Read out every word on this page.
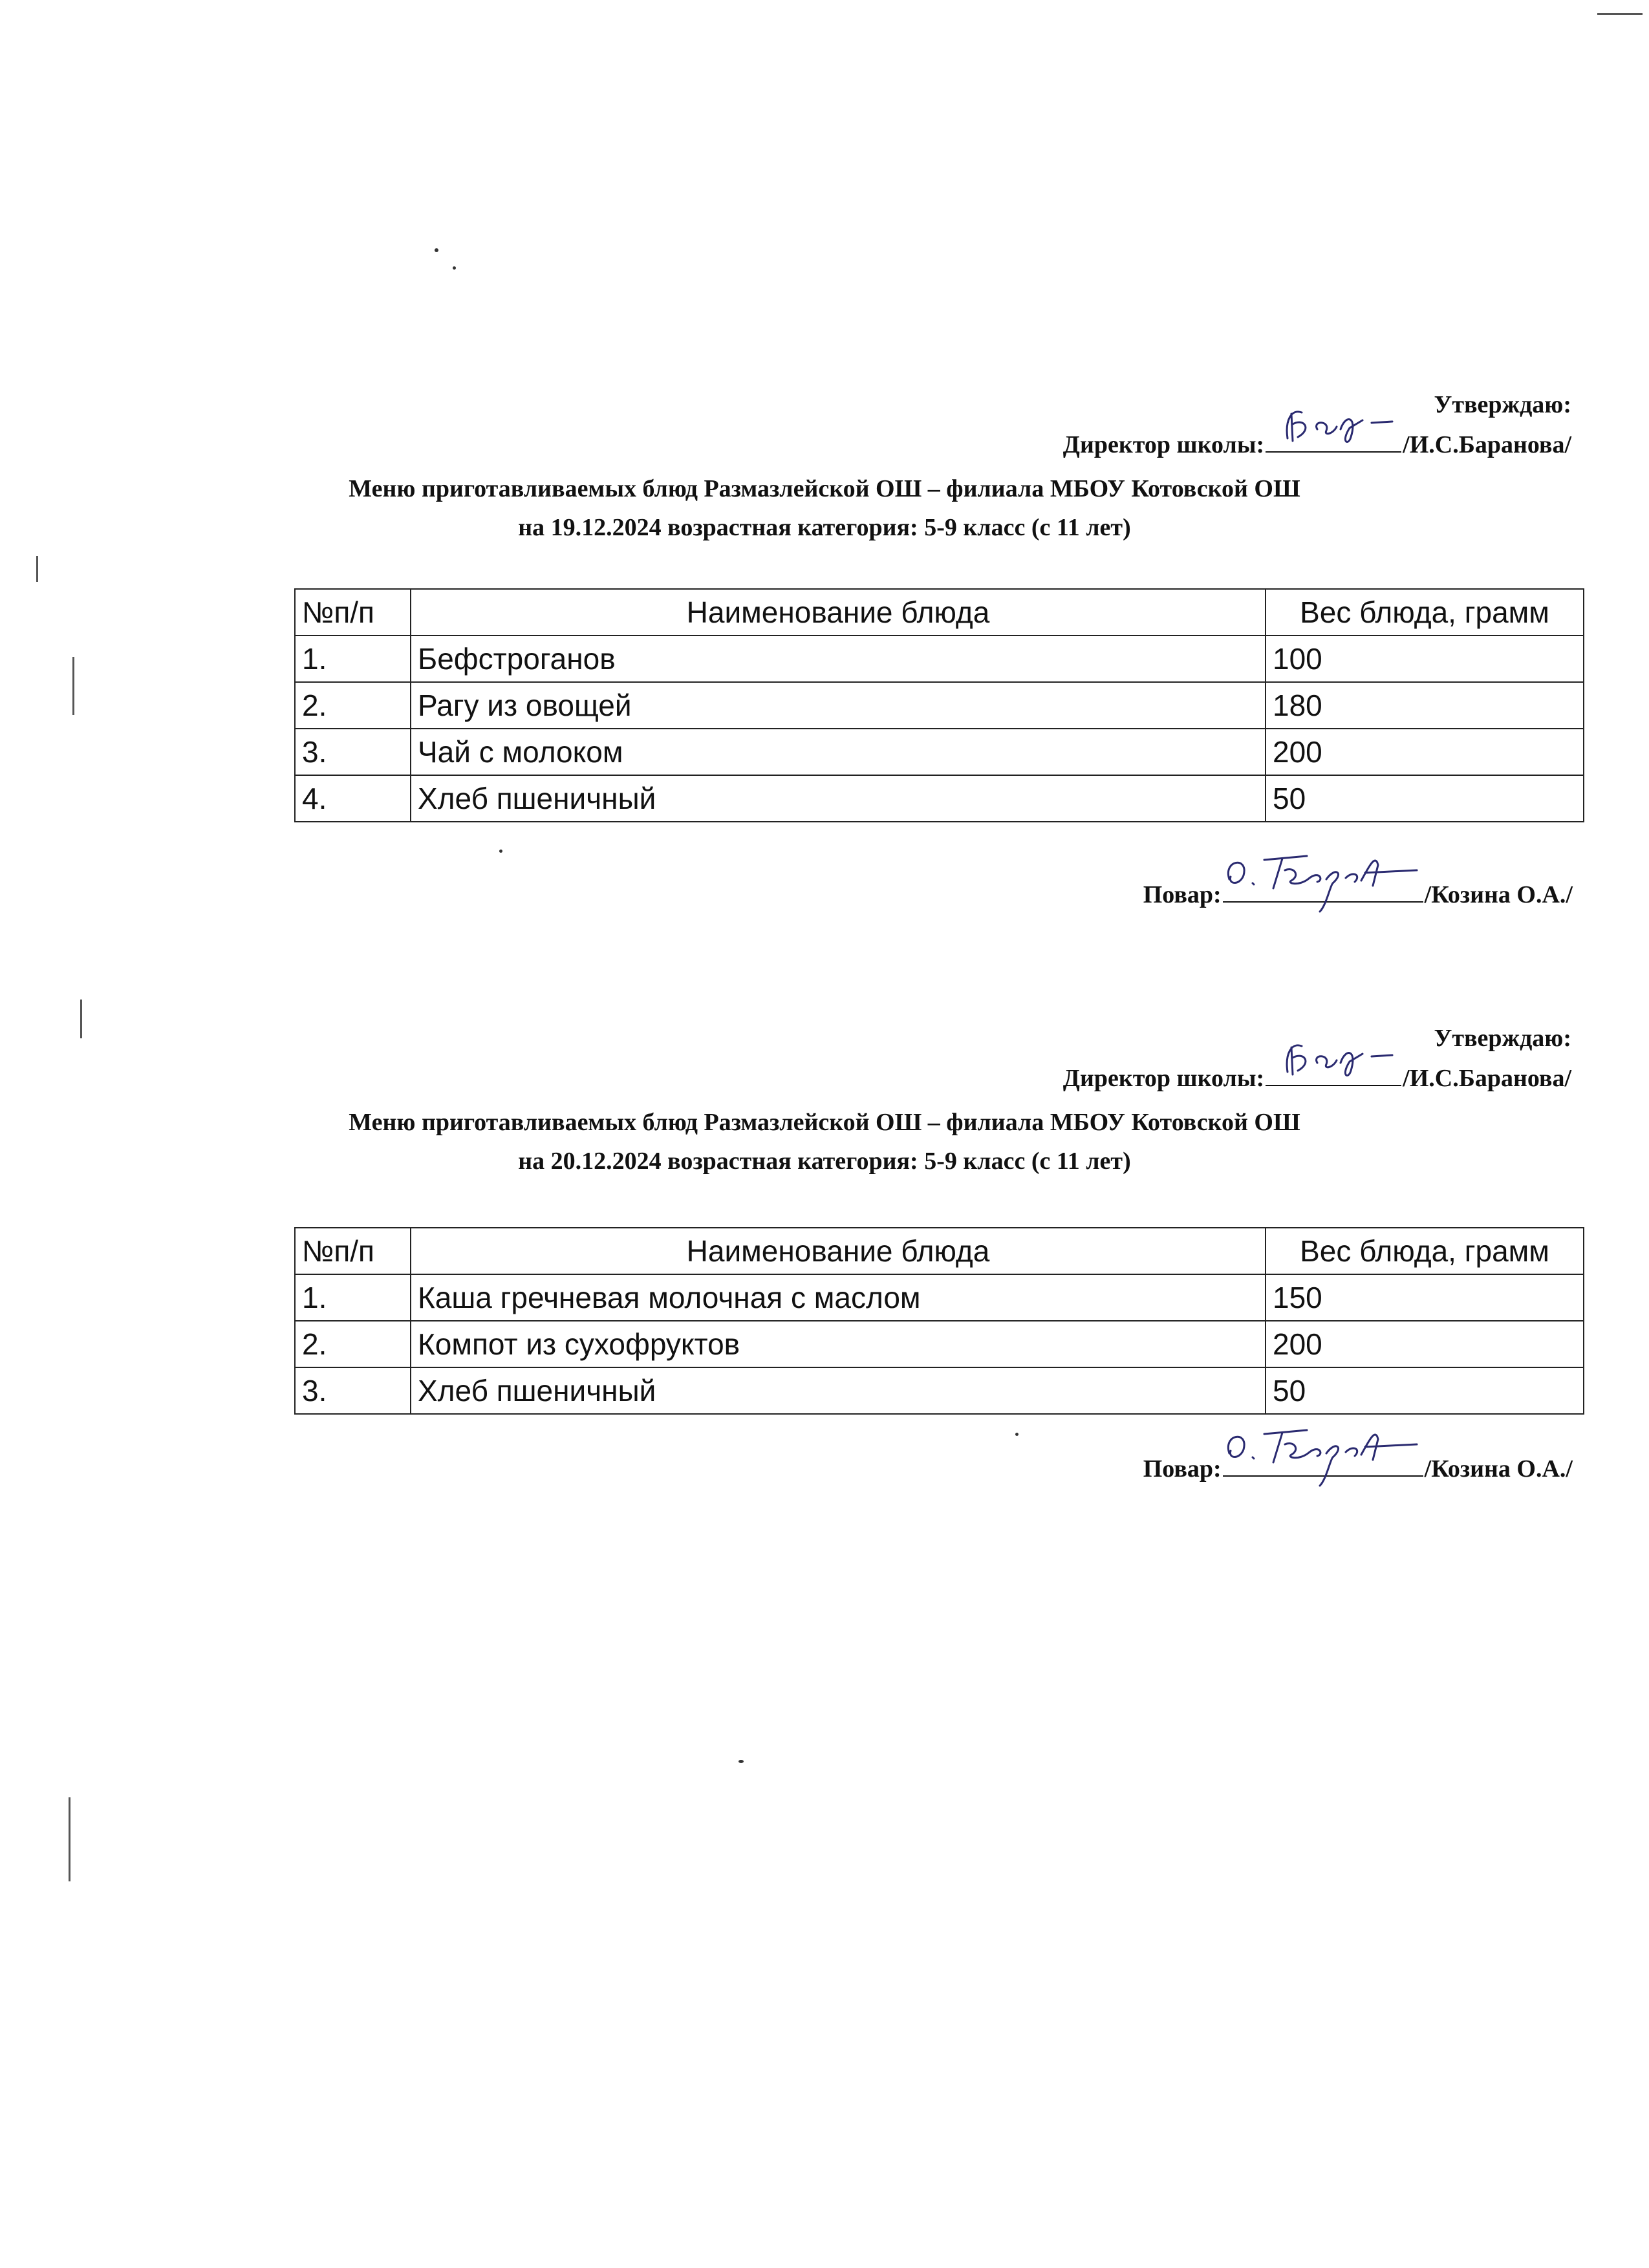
Утверждаю:
Директор школы:	/И.С.Баранова/
Меню приготавливаемых блюд Размазлейской ОШ – филиала МБОУ Котовской ОШ
на 19.12.2024 возрастная категория: 5-9 класс (с 11 лет)
№п/п	Наименование блюда	Вес блюда, грамм
1.	Бефстроганов	100
2.	Рагу из овощей	180
3.	Чай с молоком	200
4.	Хлеб пшеничный	50
Повар:	/Козина О.А./
Утверждаю:
Директор школы:	/И.С.Баранова/
Меню приготавливаемых блюд Размазлейской ОШ – филиала МБОУ Котовской ОШ
на 20.12.2024 возрастная категория: 5-9 класс (с 11 лет)
№п/п	Наименование блюда	Вес блюда, грамм
1.	Каша гречневая молочная с маслом	150
2.	Компот из сухофруктов	200
3.	Хлеб пшеничный	50
Повар:	/Козина О.А./
